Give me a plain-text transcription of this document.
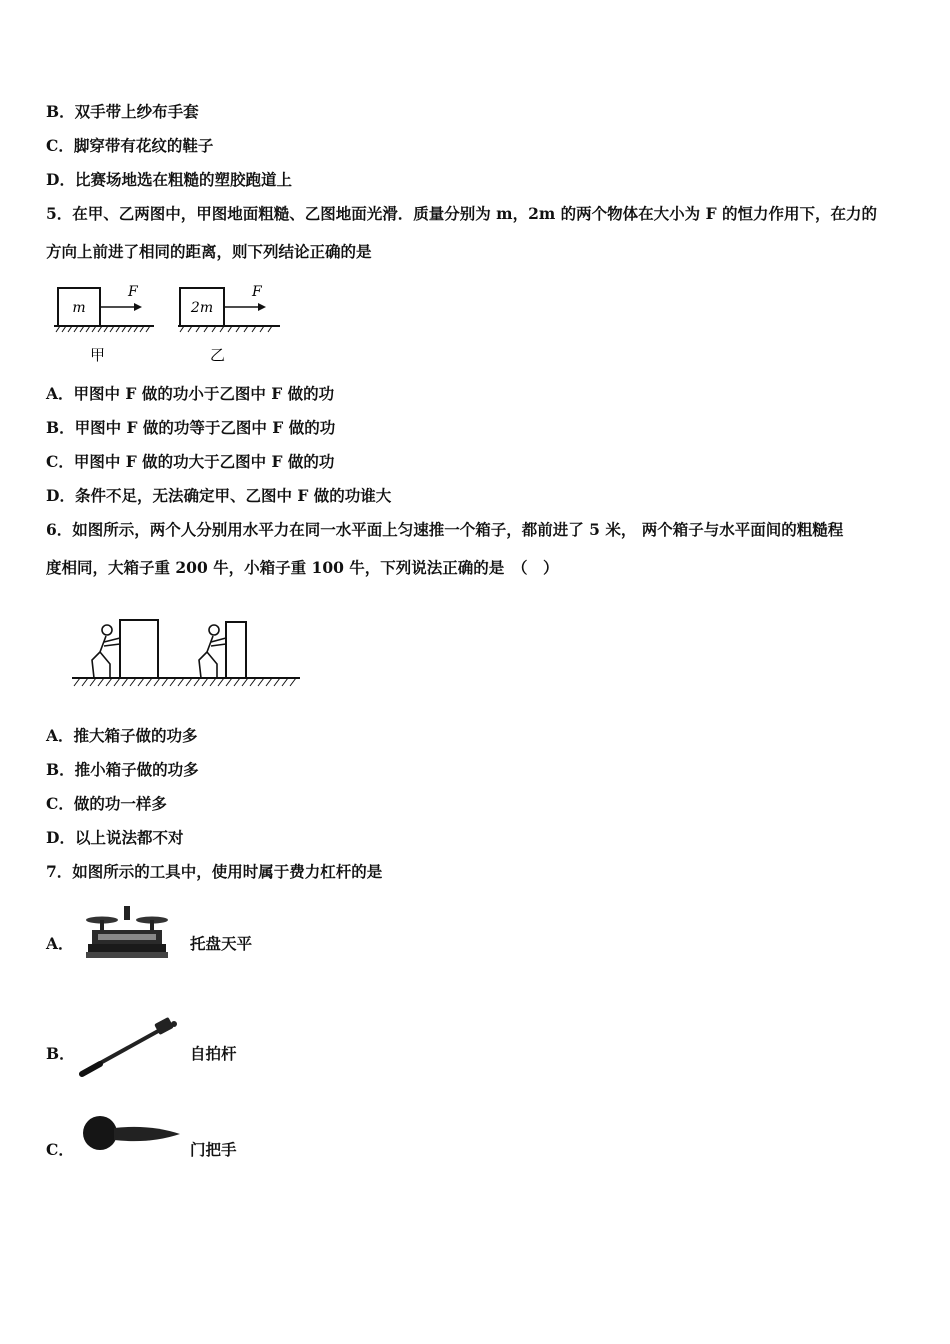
B．双手带上纱布手套
C．脚穿带有花纹的鞋子
D．比赛场地选在粗糙的塑胶跑道上
5．在甲、乙两图中，甲图地面粗糙、乙图地面光滑．质量分别为 m，2m 的两个物体在大小为 F 的恒力作用下，在力的
方向上前进了相同的距离，则下列结论正确的是
m
F
甲
2m
F
乙
A．甲图中 F 做的功小于乙图中 F 做的功
B．甲图中 F 做的功等于乙图中 F 做的功
C．甲图中 F 做的功大于乙图中 F 做的功
D．条件不足，无法确定甲、乙图中 F 做的功谁大
6．如图所示，两个人分别用水平力在同一水平面上匀速推一个箱子，都前进了 5 米， 两个箱子与水平面间的粗糙程
度相同，大箱子重 200 牛，小箱子重 100 牛，下列说法正确的是　（　）
A．推大箱子做的功多
B．推小箱子做的功多
C．做的功一样多
D．以上说法都不对
7．如图所示的工具中，使用时属于费力杠杆的是
A．	托盘天平
B．	自拍杆
C．	门把手
